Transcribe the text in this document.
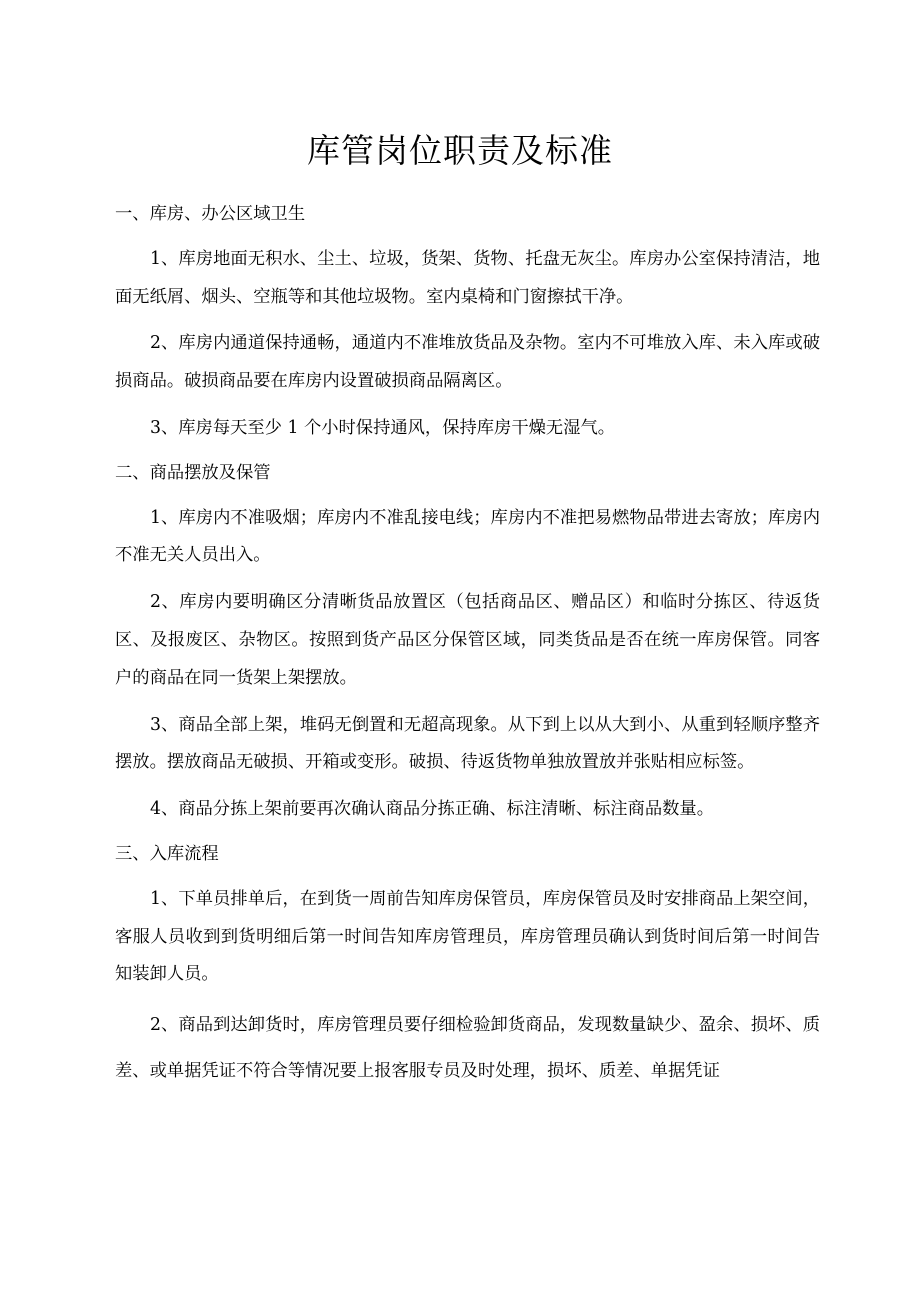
库管岗位职责及标准

一、库房、办公区域卫生

1、库房地面无积水、尘土、垃圾，货架、货物、托盘无灰尘。库房办公室保持清洁，地面无纸屑、烟头、空瓶等和其他垃圾物。室内桌椅和门窗擦拭干净。

2、库房内通道保持通畅，通道内不准堆放货品及杂物。室内不可堆放入库、未入库或破损商品。破损商品要在库房内设置破损商品隔离区。

3、库房每天至少 1 个小时保持通风，保持库房干燥无湿气。

二、商品摆放及保管

1、库房内不准吸烟；库房内不准乱接电线；库房内不准把易燃物品带进去寄放；库房内不准无关人员出入。

2、库房内要明确区分清晰货品放置区（包括商品区、赠品区）和临时分拣区、待返货区、及报废区、杂物区。按照到货产品区分保管区域，同类货品是否在统一库房保管。同客户的商品在同一货架上架摆放。

3、商品全部上架，堆码无倒置和无超高现象。从下到上以从大到小、从重到轻顺序整齐摆放。摆放商品无破损、开箱或变形。破损、待返货物单独放置放并张贴相应标签。

4、商品分拣上架前要再次确认商品分拣正确、标注清晰、标注商品数量。

三、入库流程

1、下单员排单后，在到货一周前告知库房保管员，库房保管员及时安排商品上架空间，客服人员收到到货明细后第一时间告知库房管理员，库房管理员确认到货时间后第一时间告知装卸人员。

2、商品到达卸货时，库房管理员要仔细检验卸货商品，发现数量缺少、盈余、损坏、质差、或单据凭证不符合等情况要上报客服专员及时处理，损坏、质差、单据凭证
